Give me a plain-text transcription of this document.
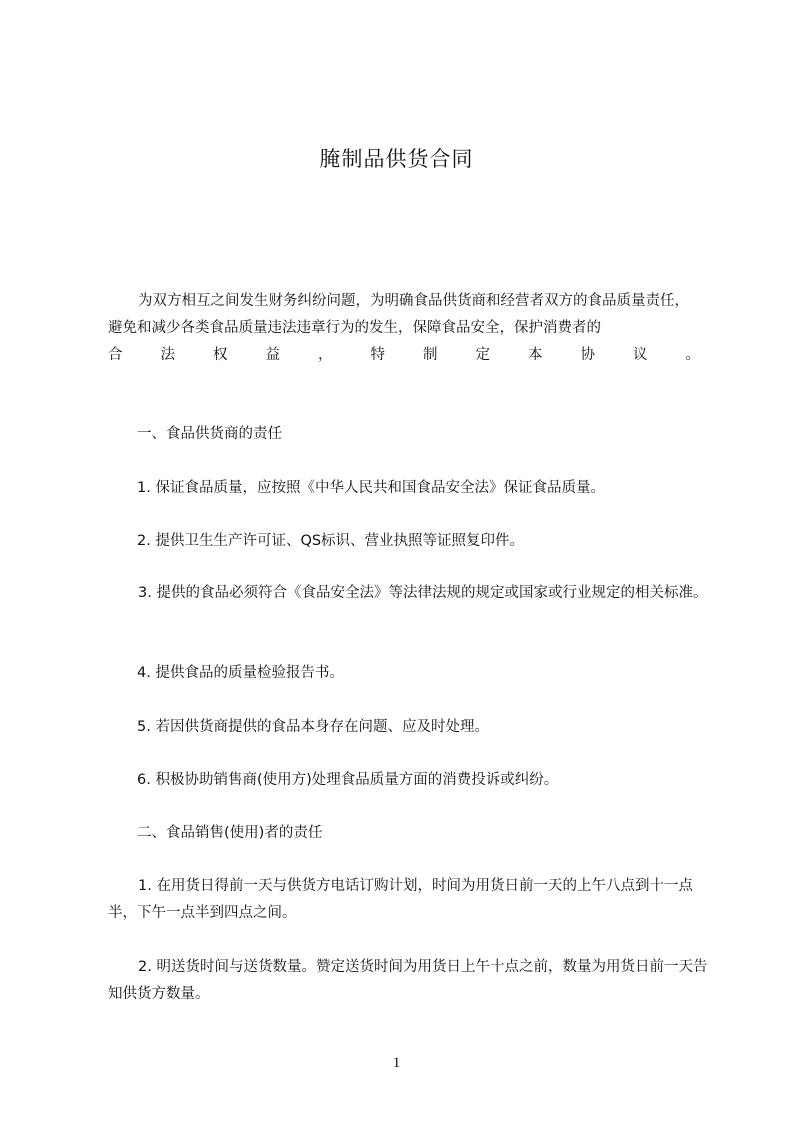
腌制品供货合同
为双方相互之间发生财务纠纷问题，为明确食品供货商和经营者双方的食品质量责任，避免和减少各类食品质量违法违章行为的发生，保障食品安全，保护消费者的
合	法	权	益	，	特	制	定	本	协	议	。
一、食品供货商的责任
1. 保证食品质量，应按照《中华人民共和国食品安全法》保证食品质量。
2. 提供卫生生产许可证、QS标识、营业执照等证照复印件。
3. 提供的食品必须符合《食品安全法》等法律法规的规定或国家或行业规定的相关标准。
4. 提供食品的质量检验报告书。
5. 若因供货商提供的食品本身存在问题、应及时处理。
6. 积极协助销售商(使用方)处理食品质量方面的消费投诉或纠纷。
二、食品销售(使用)者的责任
1. 在用货日得前一天与供货方电话订购计划，时间为用货日前一天的上午八点到十一点半，下午一点半到四点之间。
2. 明送货时间与送货数量。赞定送货时间为用货日上午十点之前，数量为用货日前一天告知供货方数量。
1
